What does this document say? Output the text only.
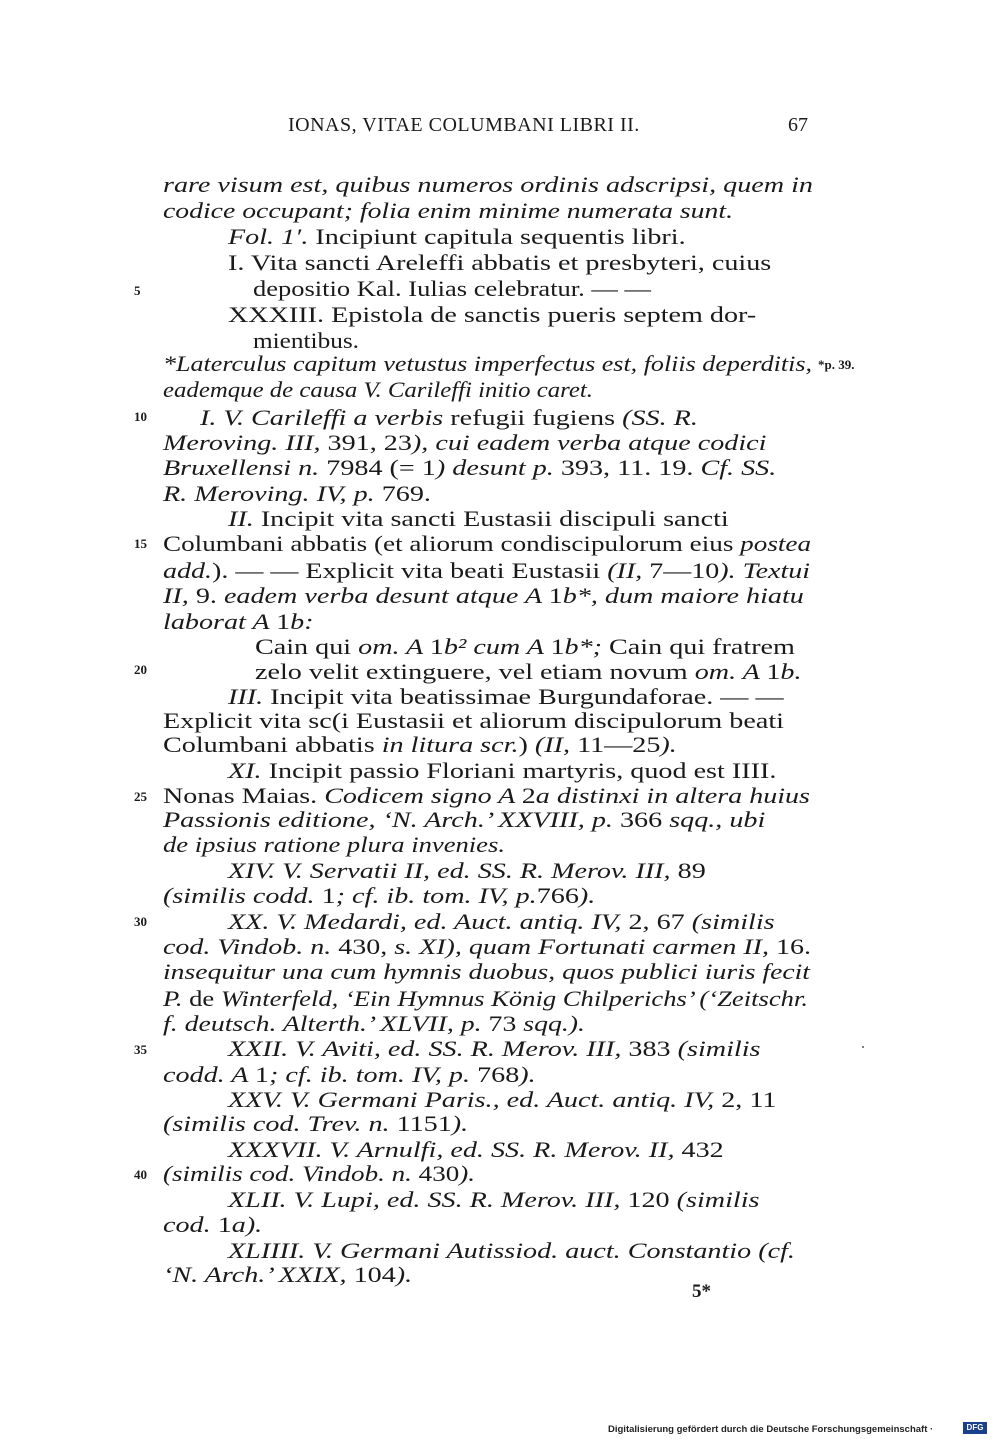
IONAS, VITAE COLUMBANI LIBRI II.	67
rare visum est, quibus numeros ordinis adscripsi, quem in
codice occupant; folia enim minime numerata sunt.
Fol. 1′. Incipiunt capitula sequentis libri.
I. Vita sancti Areleffi abbatis et presbyteri, cuius
depositio Kal. Iulias celebratur. — —
XXXIII. Epistola de sanctis pueris septem dor-
mientibus.
*Laterculus capitum vetustus imperfectus est, foliis deperditis,
eademque de causa V. Carileffi initio caret.
I. V. Carileffi a verbis refugii fugiens (SS. R.
Meroving. III, 391, 23), cui eadem verba atque codici
Bruxellensi n. 7984 (= 1) desunt p. 393, 11. 19. Cf. SS.
R. Meroving. IV, p. 769.
II. Incipit vita sancti Eustasii discipuli sancti
Columbani abbatis (et aliorum condiscipulorum eius postea
add.). — — Explicit vita beati Eustasii (II, 7—10). Textui
II, 9. eadem verba desunt atque A 1b*, dum maiore hiatu
laborat A 1b:
Cain qui om. A 1b² cum A 1b*; Cain qui fratrem
zelo velit extinguere, vel etiam novum om. A 1b.
III. Incipit vita beatissimae Burgundaforae. — —
Explicit vita sc(i Eustasii et aliorum discipulorum beati
Columbani abbatis in litura scr.) (II, 11—25).
XI. Incipit passio Floriani martyris, quod est IIII.
Nonas Maias. Codicem signo A 2a distinxi in altera huius
Passionis editione, ‘N. Arch.’ XXVIII, p. 366 sqq., ubi
de ipsius ratione plura invenies.
XIV. V. Servatii II, ed. SS. R. Merov. III, 89
(similis codd. 1; cf. ib. tom. IV, p.766).
XX. V. Medardi, ed. Auct. antiq. IV, 2, 67 (similis
cod. Vindob. n. 430, s. XI), quam Fortunati carmen II, 16.
insequitur una cum hymnis duobus, quos publici iuris fecit
P. de Winterfeld, ‘Ein Hymnus König Chilperichs’ (‘Zeitschr.
f. deutsch. Alterth.’ XLVII, p. 73 sqq.).
XXII. V. Aviti, ed. SS. R. Merov. III, 383 (similis
codd. A 1; cf. ib. tom. IV, p. 768).
XXV. V. Germani Paris., ed. Auct. antiq. IV, 2, 11
(similis cod. Trev. n. 1151).
XXXVII. V. Arnulfi, ed. SS. R. Merov. II, 432
(similis cod. Vindob. n. 430).
XLII. V. Lupi, ed. SS. R. Merov. III, 120 (similis
cod. 1a).
XLIIII. V. Germani Autissiod. auct. Constantio (cf.
‘N. Arch.’ XXIX, 104).
5
10
15
20
25
30
35
40
*p. 39.
5*
Digitalisierung gefördert durch die Deutsche Forschungsgemeinschaft ·	DFG
